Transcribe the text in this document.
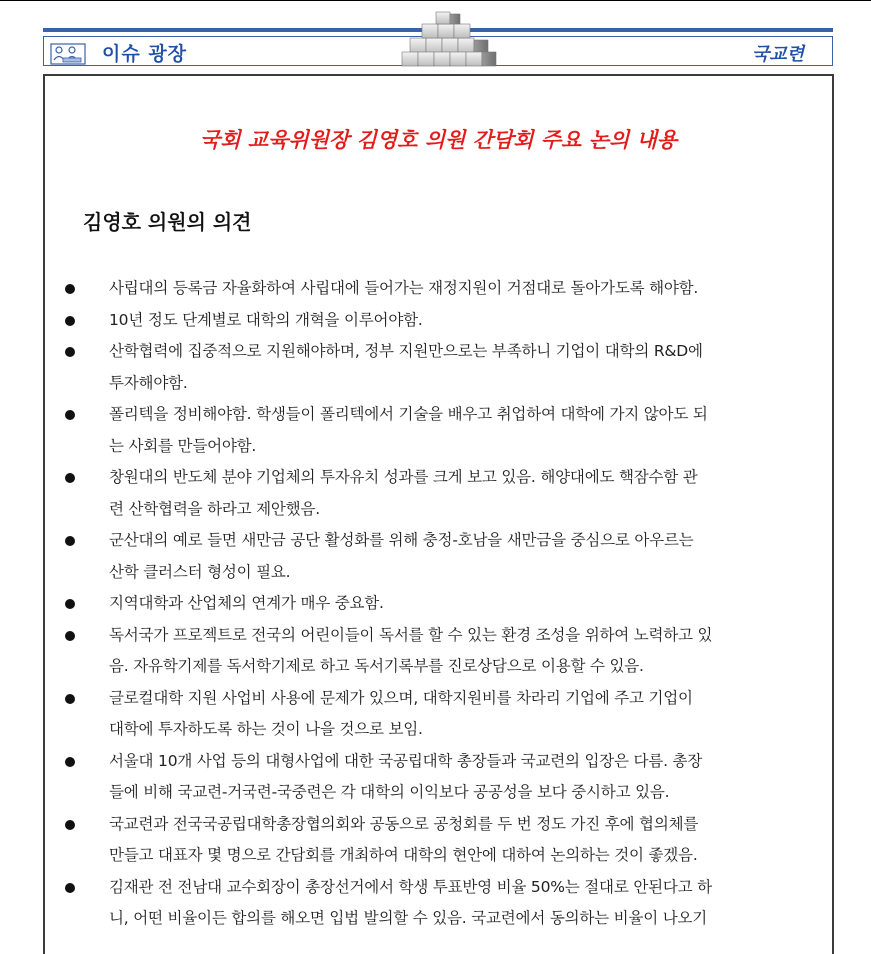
이슈 광장	국교련
국회 교육위원장 김영호 의원 간담회 주요 논의 내용
김영호 의원의 의견
사립대의 등록금 자율화하여 사립대에 들어가는 재정지원이 거점대로 돌아가도록 해야함.
10년 정도 단계별로 대학의 개혁을 이루어야함.
산학협력에 집중적으로 지원해야하며, 정부 지원만으로는 부족하니 기업이 대학의 R&D에
투자해야함.
폴리텍을 정비해야함. 학생들이 폴리텍에서 기술을 배우고 취업하여 대학에 가지 않아도 되
는 사회를 만들어야함.
창원대의 반도체 분야 기업체의 투자유치 성과를 크게 보고 있음. 해양대에도 핵잠수함 관
련 산학협력을 하라고 제안했음.
군산대의 예로 들면 새만금 공단 활성화를 위해 충정-호남을 새만금을 중심으로 아우르는
산학 클러스터 형성이 필요.
지역대학과 산업체의 연계가 매우 중요함.
독서국가 프로젝트로 전국의 어린이들이 독서를 할 수 있는 환경 조성을 위하여 노력하고 있
음. 자유학기제를 독서학기제로 하고 독서기록부를 진로상담으로 이용할 수 있음.
글로컬대학 지원 사업비 사용에 문제가 있으며, 대학지원비를 차라리 기업에 주고 기업이
대학에 투자하도록 하는 것이 나을 것으로 보임.
서울대 10개 사업 등의 대형사업에 대한 국공립대학 총장들과 국교련의 입장은 다름. 총장
들에 비해 국교련-거국련-국중련은 각 대학의 이익보다 공공성을 보다 중시하고 있음.
국교련과 전국국공립대학총장협의회와 공동으로 공청회를 두 번 정도 가진 후에 협의체를
만들고 대표자 몇 명으로 간담회를 개최하여 대학의 현안에 대하여 논의하는 것이 좋겠음.
김재관 전 전남대 교수회장이 총장선거에서 학생 투표반영 비율 50%는 절대로 안된다고 하
니, 어떤 비율이든 합의를 해오면 입법 발의할 수 있음. 국교련에서 동의하는 비율이 나오기
